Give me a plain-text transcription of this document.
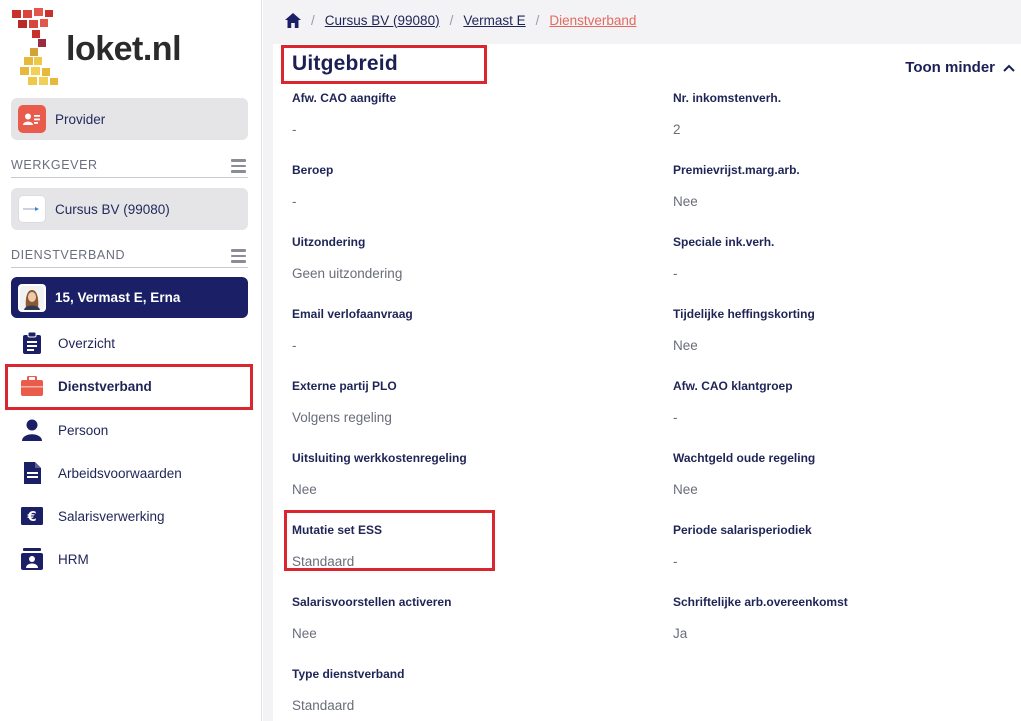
loket.nl
Provider
WERKGEVER
Cursus BV (99080)
DIENSTVERBAND
15, Vermast E, Erna
Overzicht
Dienstverband
Persoon
Arbeidsvoorwaarden
€ Salarisverwerking
HRM
/ Cursus BV (99080) / Vermast E / Dienstverband
Uitgebreid	Toon minder
Afw. CAO aangifte
-
Nr. inkomstenverh.
2
Beroep
-
Premievrijst.marg.arb.
Nee
Uitzondering
Geen uitzondering
Speciale ink.verh.
-
Email verlofaanvraag
-
Tijdelijke heffingskorting
Nee
Externe partij PLO
Volgens regeling
Afw. CAO klantgroep
-
Uitsluiting werkkostenregeling
Nee
Wachtgeld oude regeling
Nee
Mutatie set ESS
Standaard
Periode salarisperiodiek
-
Salarisvoorstellen activeren
Nee
Schriftelijke arb.overeenkomst
Ja
Type dienstverband
Standaard
